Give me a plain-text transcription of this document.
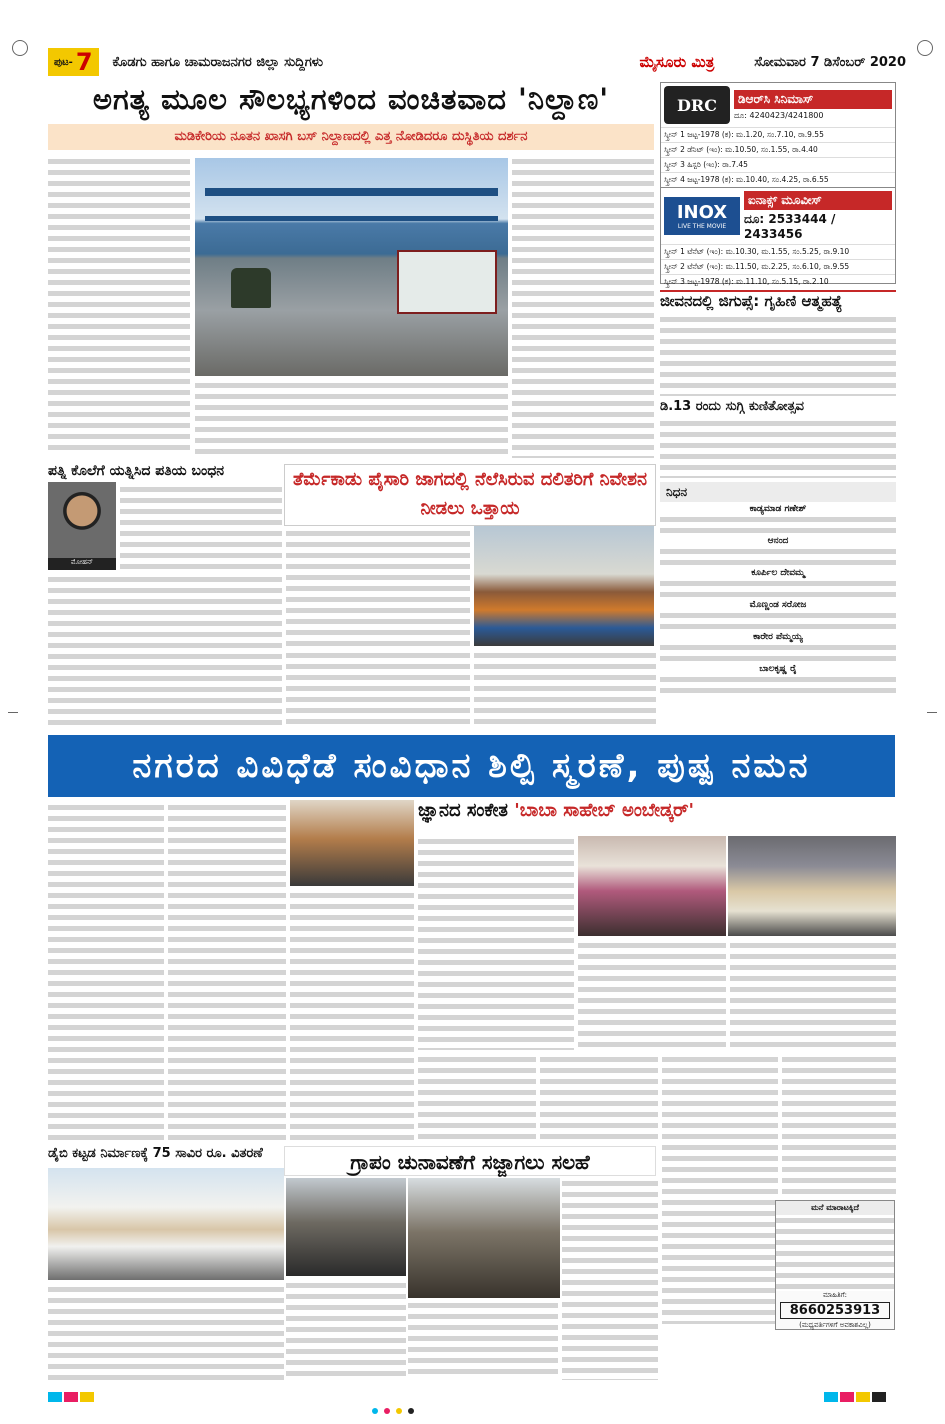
ಪುಟ- 7 ಕೊಡಗು ಹಾಗೂ ಚಾಮರಾಜನಗರ ಜಿಲ್ಲಾ ಸುದ್ದಿಗಳು	ಮೈಸೂರು ಮಿತ್ರ	ಸೋಮವಾರ 7 ಡಿಸೆಂಬರ್ 2020
ಅಗತ್ಯ ಮೂಲ ಸೌಲಭ್ಯಗಳಿಂದ ವಂಚಿತವಾದ 'ನಿಲ್ದಾಣ'
ಮಡಿಕೇರಿಯ ನೂತನ ಖಾಸಗಿ ಬಸ್ ನಿಲ್ದಾಣದಲ್ಲಿ ಎತ್ತ ನೋಡಿದರೂ ದುಸ್ಥಿತಿಯ ದರ್ಶನ
DRC	ಡಿಆರ್‌ಸಿ ಸಿನಿಮಾಸ್
ದೂ: 4240423/4241800
ಸ್ಕ್ರೀನ್ 1 ಜಟ್ಟ-1978 (ಕ): ಮ.1.20, ಸಂ.7.10, ರಾ.9.55
ಸ್ಕ್ರೀನ್ 2 ಡೆನಿಟ್ (ಇಂ): ಮ.10.50, ಸಂ.1.55, ರಾ.4.40
ಸ್ಕ್ರೀನ್ 3 ಹಿಸ್ಟರಿ (ಇಂ): ರಾ.7.45
ಸ್ಕ್ರೀನ್ 4 ಜಟ್ಟ-1978 (ಕ): ಮ.10.40, ಸಂ.4.25, ರಾ.6.55
INOX
LIVE THE MOVIE
ಐನಾಕ್ಸ್ ಮೂವೀಸ್
ದೂ: 2533444 / 2433456
ಸ್ಕ್ರೀನ್ 1 ಟೆನೆಟ್ (ಇಂ): ಮ.10.30, ಮ.1.55, ಸಂ.5.25, ರಾ.9.10
ಸ್ಕ್ರೀನ್ 2 ಟೆನೆಟ್ (ಇಂ): ಮ.11.50, ಮ.2.25, ಸಂ.6.10, ರಾ.9.55
ಸ್ಕ್ರೀನ್ 3 ಜಟ್ಟ-1978 (ಕ): ಮ.11.10, ಸಂ.5.15, ರಾ.2.10
ಜೀವನದಲ್ಲಿ ಜಿಗುಪ್ಸೆ: ಗೃಹಿಣಿ ಆತ್ಮಹತ್ಯೆ
ಡಿ.13 ರಂದು ಸುಗ್ಗಿ ಕುಣಿತೋತ್ಸವ
ನಿಧನ
ಕಾಡ್ಯಮಾಡ ಗಣೇಶ್
ಆನಂದ
ಕೂರ್ಪಿಲ ದೇವಮ್ಮ
ಮೊಣ್ಣಂಡ ಸರೋಜ
ಕಾರೇರ ಪೆಮ್ಮಯ್ಯ
ಬಾಲಕೃಷ್ಣ ರೈ
ಪತ್ನಿ ಕೊಲೆಗೆ ಯತ್ನಿಸಿದ ಪತಿಯ ಬಂಧನ
ಮೋಹನ್
ತೆರ್ಮೆಕಾಡು ಪೈಸಾರಿ ಜಾಗದಲ್ಲಿ ನೆಲೆಸಿರುವ ದಲಿತರಿಗೆ ನಿವೇಶನ ನೀಡಲು ಒತ್ತಾಯ
ನಗರದ ವಿವಿಧೆಡೆ ಸಂವಿಧಾನ ಶಿಲ್ಪಿ ಸ್ಮರಣೆ, ಪುಷ್ಪ ನಮನ
ಜ್ಞಾನದ ಸಂಕೇತ 'ಬಾಬಾ ಸಾಹೇಬ್ ಅಂಬೇಡ್ಕರ್'
ಡೈಬಿ ಕಟ್ಟಡ ನಿರ್ಮಾಣಕ್ಕೆ 75 ಸಾವಿರ ರೂ. ವಿತರಣೆ	ಗ್ರಾಪಂ ಚುನಾವಣೆಗೆ ಸಜ್ಜಾಗಲು ಸಲಹೆ
ಮನೆ ಮಾರಾಟಕ್ಕಿದೆ
ಮಾಹಿತಿಗೆ:
8660253913
(ಮಧ್ಯವರ್ತಿಗಳಿಗೆ ಅವಕಾಶವಿಲ್ಲ)
